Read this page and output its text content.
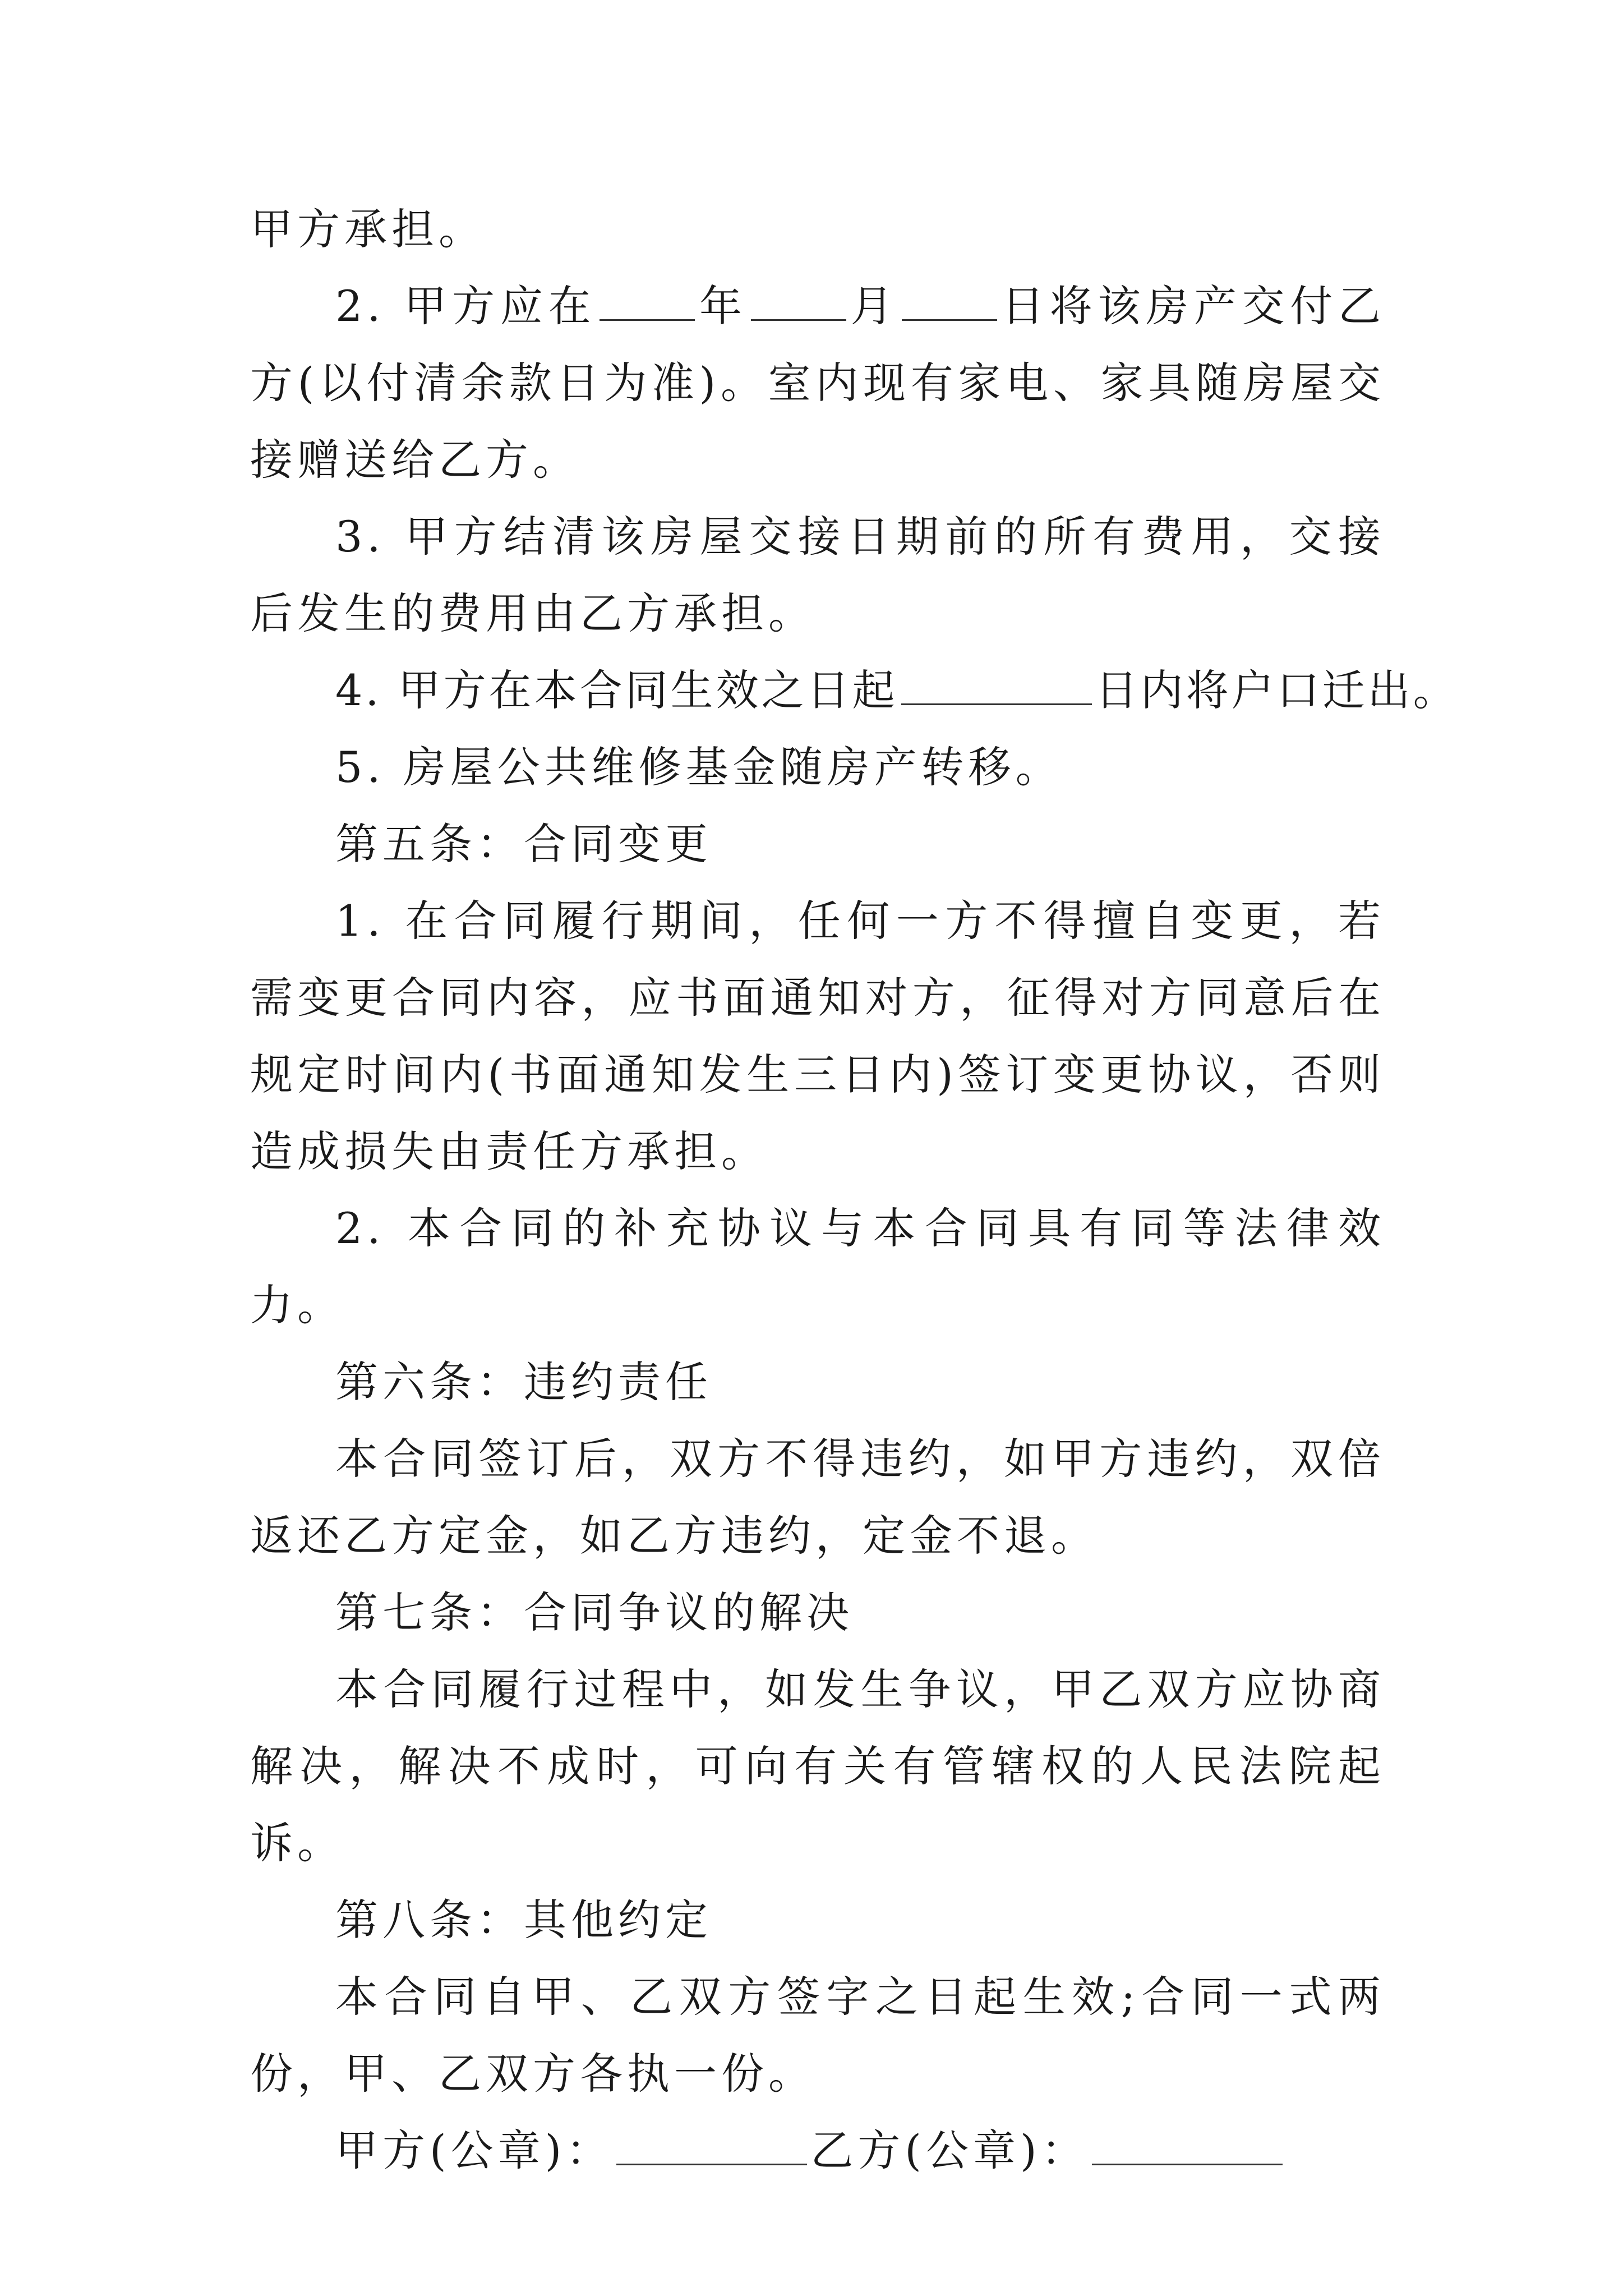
甲方承担。

2. 甲方应在 年 月 日将该房产交付乙方(以付清余款日为准)。室内现有家电、家具随房屋交接赠送给乙方。

3. 甲方结清该房屋交接日期前的所有费用，交接后发生的费用由乙方承担。

4. 甲方在本合同生效之日起	日内将户口迁出。

5. 房屋公共维修基金随房产转移。

第五条：合同变更

1. 在合同履行期间，任何一方不得擅自变更，若需变更合同内容，应书面通知对方，征得对方同意后在规定时间内(书面通知发生三日内)签订变更协议，否则造成损失由责任方承担。

2. 本合同的补充协议与本合同具有同等法律效力。

第六条：违约责任

本合同签订后，双方不得违约，如甲方违约，双倍返还乙方定金，如乙方违约，定金不退。

第七条：合同争议的解决

本合同履行过程中，如发生争议，甲乙双方应协商解决，解决不成时，可向有关有管辖权的人民法院起诉。

第八条：其他约定

本合同自甲、乙双方签字之日起生效;合同一式两份，甲、乙双方各执一份。

甲方(公章)：	乙方(公章)：
